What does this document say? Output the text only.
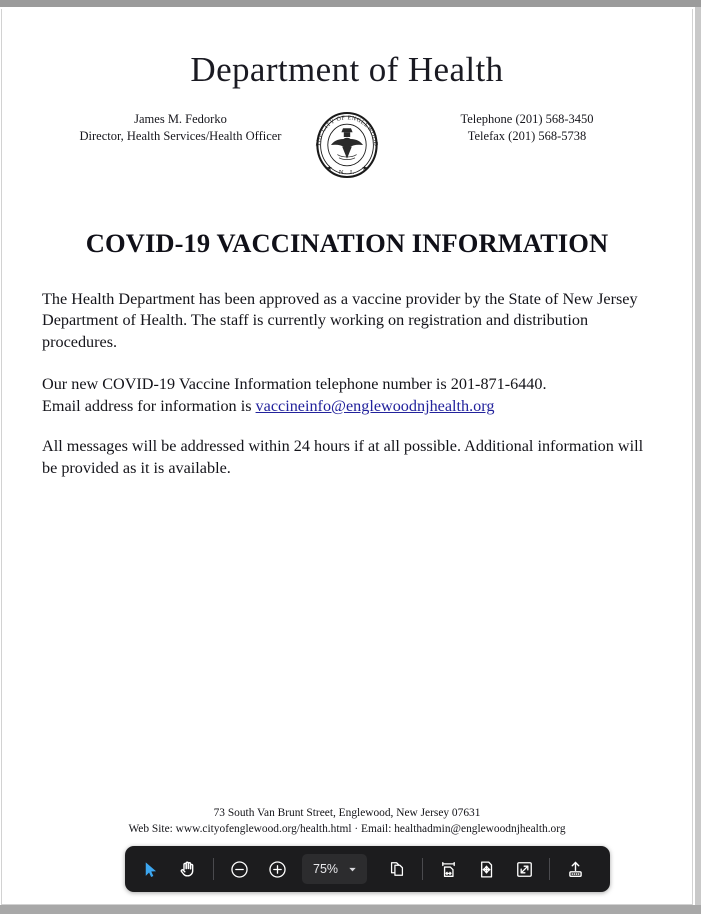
Department of Health
James M. Fedorko
Director, Health Services/Health Officer
THE CITY OF ENGLEWOOD
N. J.
★	★
Telephone (201) 568-3450
Telefax (201) 568-5738
COVID-19 VACCINATION INFORMATION

The Health Department has been approved as a vaccine provider by the State of New Jersey Department of Health. The staff is currently working on registration and distribution procedures.

Our new COVID-19 Vaccine Information telephone number is 201-871-6440.
Email address for information is vaccineinfo@englewoodnjhealth.org

All messages will be addressed within 24 hours if at all possible. Additional information will be provided as it is available.

73 South Van Brunt Street, Englewood, New Jersey 07631
Web Site: www.cityofenglewood.org/health.html · Email: healthadmin@englewoodnjhealth.org
75%
